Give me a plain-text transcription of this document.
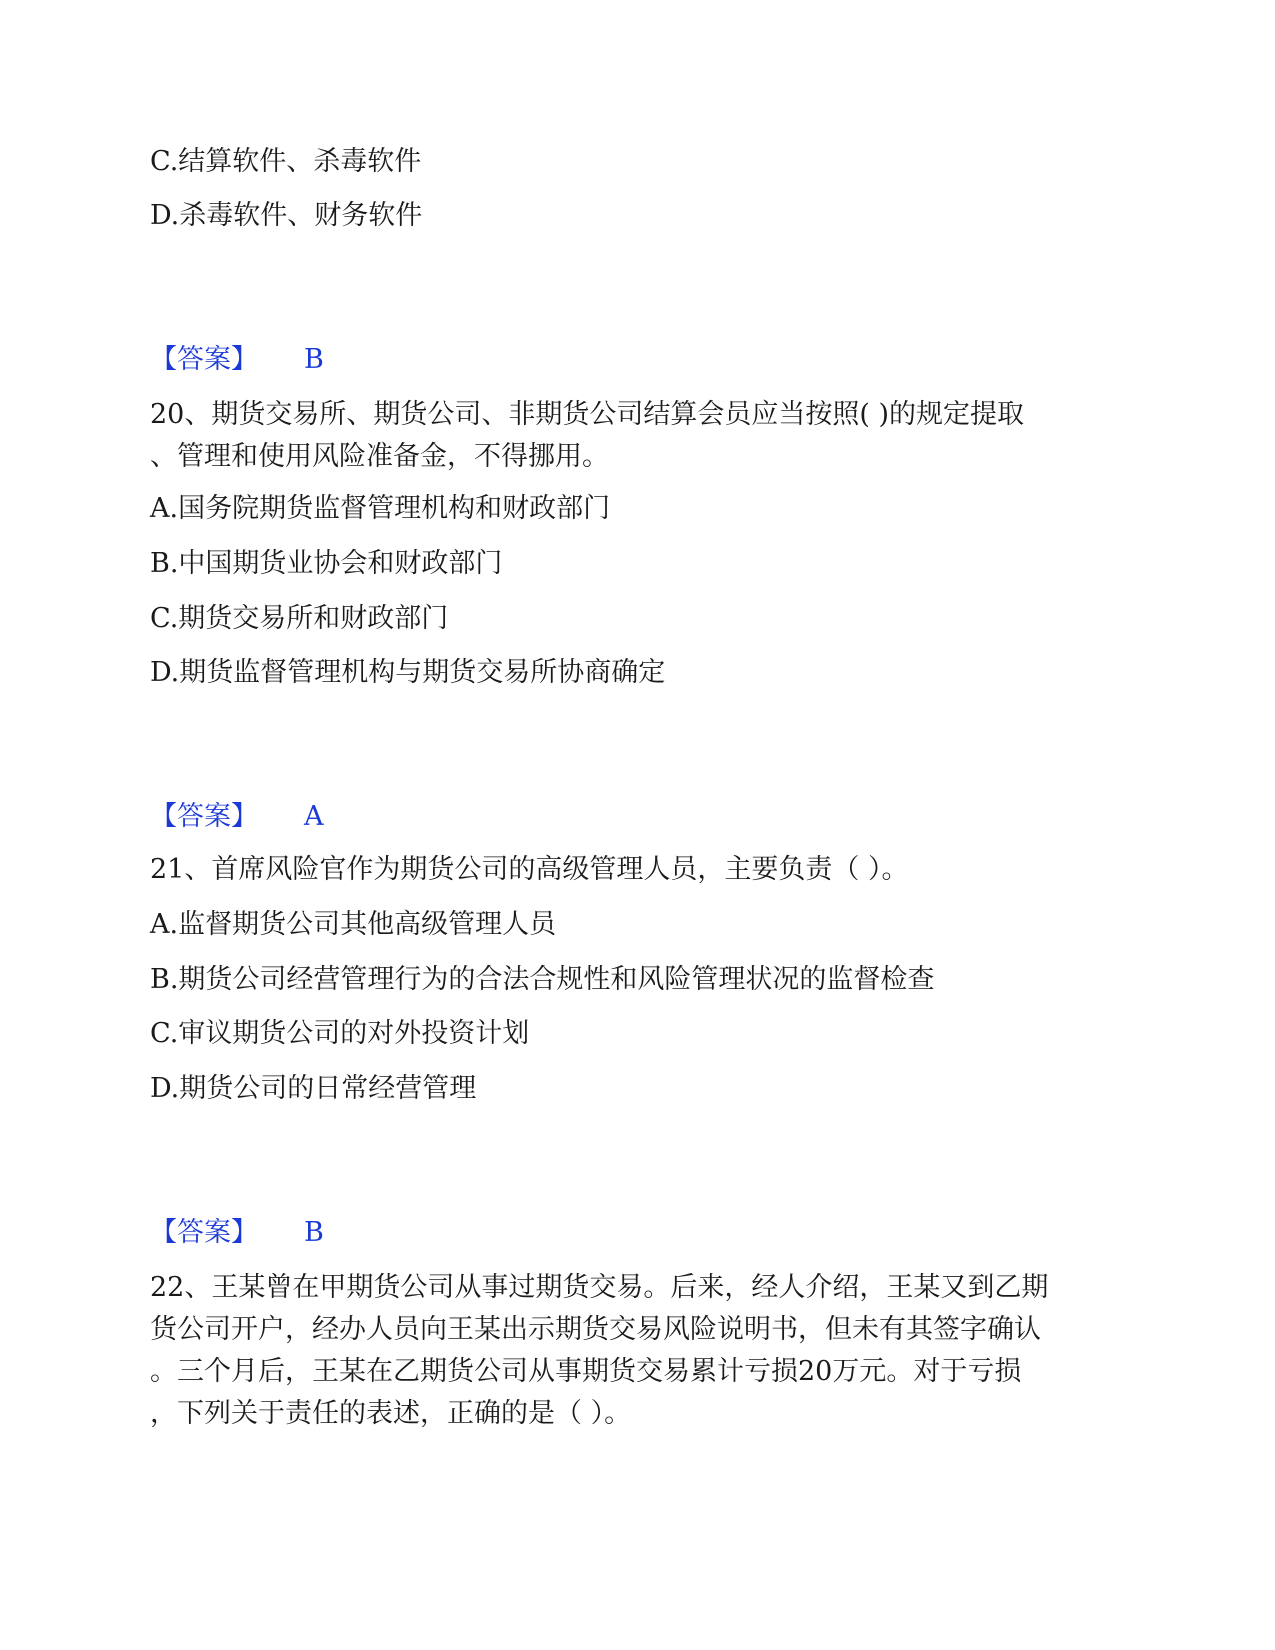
C.结算软件、杀毒软件
D.杀毒软件、财务软件
【答案】 B

20、期货交易所、期货公司、非期货公司结算会员应当按照( )的规定提取

、管理和使用风险准备金，不得挪用。

A.国务院期货监督管理机构和财政部门
B.中国期货业协会和财政部门
C.期货交易所和财政部门
D.期货监督管理机构与期货交易所协商确定
【答案】 A
21、首席风险官作为期货公司的高级管理人员，主要负责（ ）。
A.监督期货公司其他高级管理人员
B.期货公司经营管理行为的合法合规性和风险管理状况的监督检查
C.审议期货公司的对外投资计划
D.期货公司的日常经营管理
【答案】 B

22、王某曾在甲期货公司从事过期货交易。后来，经人介绍，王某又到乙期

货公司开户，经办人员向王某出示期货交易风险说明书，但未有其签字确认

。三个月后，王某在乙期货公司从事期货交易累计亏损20万元。对于亏损

，下列关于责任的表述，正确的是（ ）。
